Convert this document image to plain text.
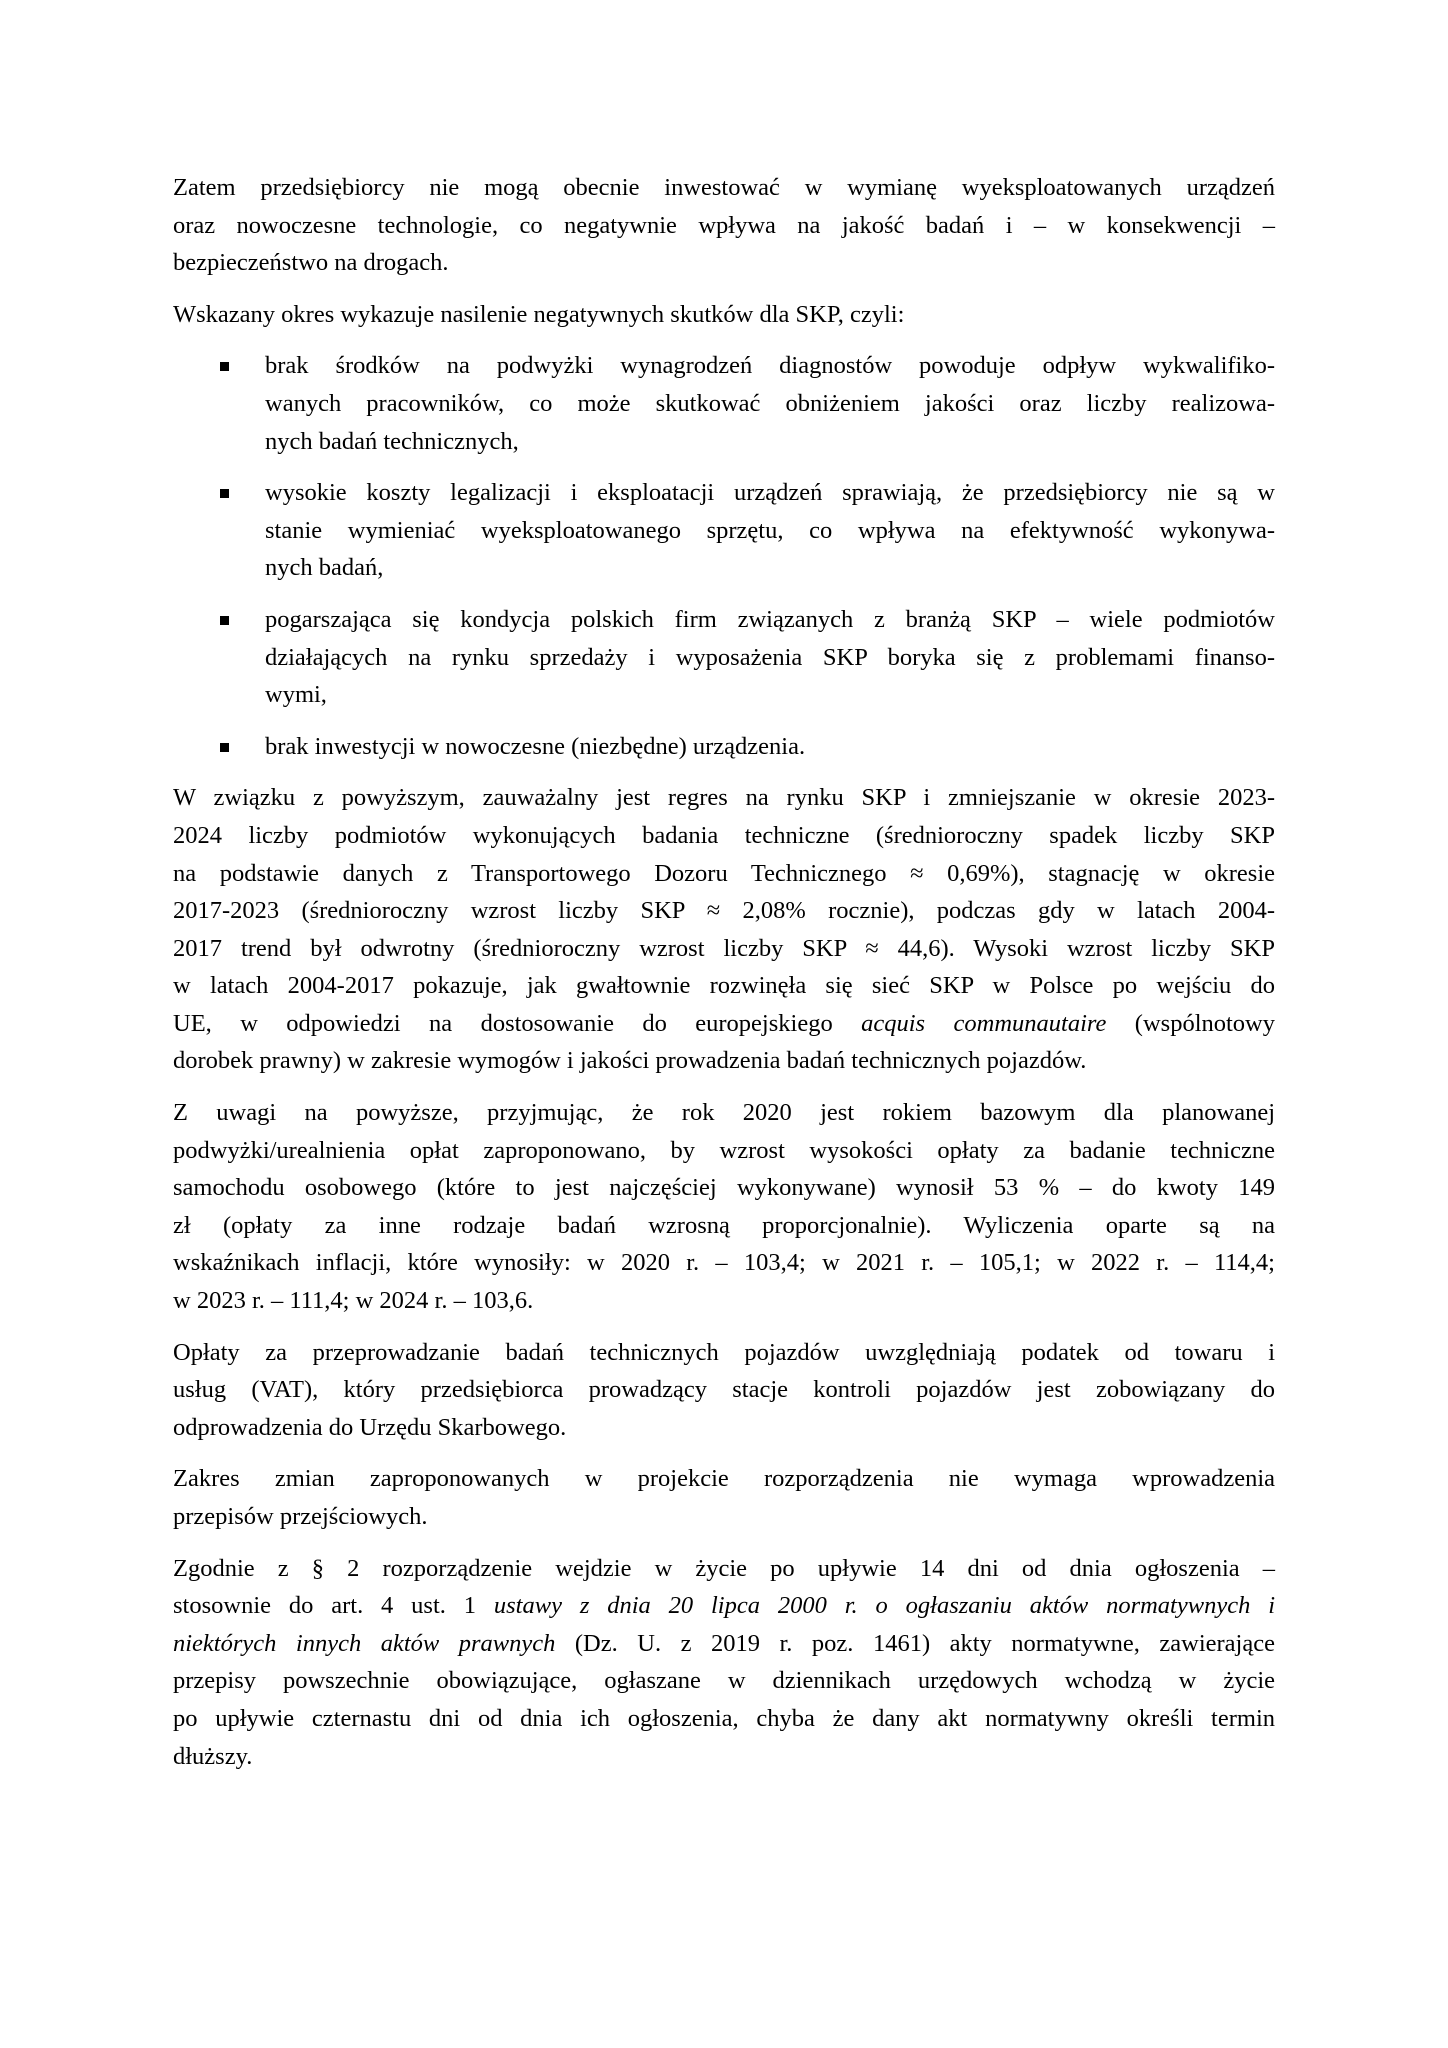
Zatem przedsiębiorcy nie mogą obecnie inwestować w wymianę wyeksploatowanych urządzeń
oraz nowoczesne technologie, co negatywnie wpływa na jakość badań i – w konsekwencji –
bezpieczeństwo na drogach.
Wskazany okres wykazuje nasilenie negatywnych skutków dla SKP, czyli:
brak środków na podwyżki wynagrodzeń diagnostów powoduje odpływ wykwalifiko-
wanych pracowników, co może skutkować obniżeniem jakości oraz liczby realizowa-
nych badań technicznych,
wysokie koszty legalizacji i eksploatacji urządzeń sprawiają, że przedsiębiorcy nie są w
stanie wymieniać wyeksploatowanego sprzętu, co wpływa na efektywność wykonywa-
nych badań,
pogarszająca się kondycja polskich firm związanych z branżą SKP – wiele podmiotów
działających na rynku sprzedaży i wyposażenia SKP boryka się z problemami finanso-
wymi,
brak inwestycji w nowoczesne (niezbędne) urządzenia.
W związku z powyższym, zauważalny jest regres na rynku SKP i zmniejszanie w okresie 2023-
2024 liczby podmiotów wykonujących badania techniczne (średnioroczny spadek liczby SKP
na podstawie danych z Transportowego Dozoru Technicznego ≈ 0,69%), stagnację w okresie
2017-2023 (średnioroczny wzrost liczby SKP ≈ 2,08% rocznie), podczas gdy w latach 2004-
2017 trend był odwrotny (średnioroczny wzrost liczby SKP ≈ 44,6). Wysoki wzrost liczby SKP
w latach 2004-2017 pokazuje, jak gwałtownie rozwinęła się sieć SKP w Polsce po wejściu do
UE, w odpowiedzi na dostosowanie do europejskiego acquis communautaire (wspólnotowy
dorobek prawny) w zakresie wymogów i jakości prowadzenia badań technicznych pojazdów.
Z uwagi na powyższe, przyjmując, że rok 2020 jest rokiem bazowym dla planowanej
podwyżki/urealnienia opłat zaproponowano, by wzrost wysokości opłaty za badanie techniczne
samochodu osobowego (które to jest najczęściej wykonywane) wynosił 53 % – do kwoty 149
zł (opłaty za inne rodzaje badań wzrosną proporcjonalnie). Wyliczenia oparte są na
wskaźnikach inflacji, które wynosiły: w 2020 r. – 103,4; w 2021 r. – 105,1; w 2022 r. – 114,4;
w 2023 r. – 111,4; w 2024 r. – 103,6.
Opłaty za przeprowadzanie badań technicznych pojazdów uwzględniają podatek od towaru i
usług (VAT), który przedsiębiorca prowadzący stacje kontroli pojazdów jest zobowiązany do
odprowadzenia do Urzędu Skarbowego.
Zakres zmian zaproponowanych w projekcie rozporządzenia nie wymaga wprowadzenia
przepisów przejściowych.
Zgodnie z § 2 rozporządzenie wejdzie w życie po upływie 14 dni od dnia ogłoszenia –
stosownie do art. 4 ust. 1 ustawy z dnia 20 lipca 2000 r. o ogłaszaniu aktów normatywnych i
niektórych innych aktów prawnych (Dz. U. z 2019 r. poz. 1461) akty normatywne, zawierające
przepisy powszechnie obowiązujące, ogłaszane w dziennikach urzędowych wchodzą w życie
po upływie czternastu dni od dnia ich ogłoszenia, chyba że dany akt normatywny określi termin
dłuższy.
